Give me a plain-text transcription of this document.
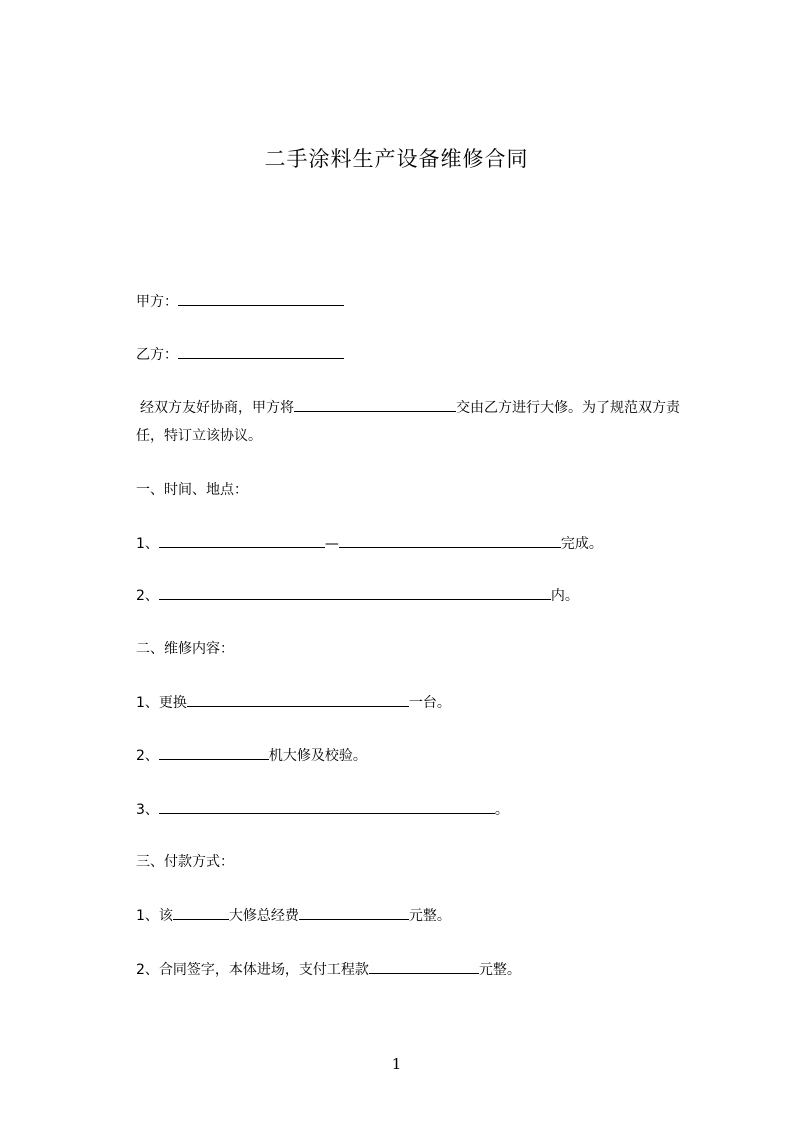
二手涂料生产设备维修合同
甲方：
乙方：
经双方友好协商，甲方将	交由乙方进行大修。为了规范双方责任，特订立该协议。
一、时间、地点：
1、	—	完成。
2、	内。
二、维修内容：
1、更换	一台。
2、	机大修及校验。
3、	。
三、付款方式：
1、该	大修总经费	元整。
2、合同签字，本体进场，支付工程款	元整。
1
